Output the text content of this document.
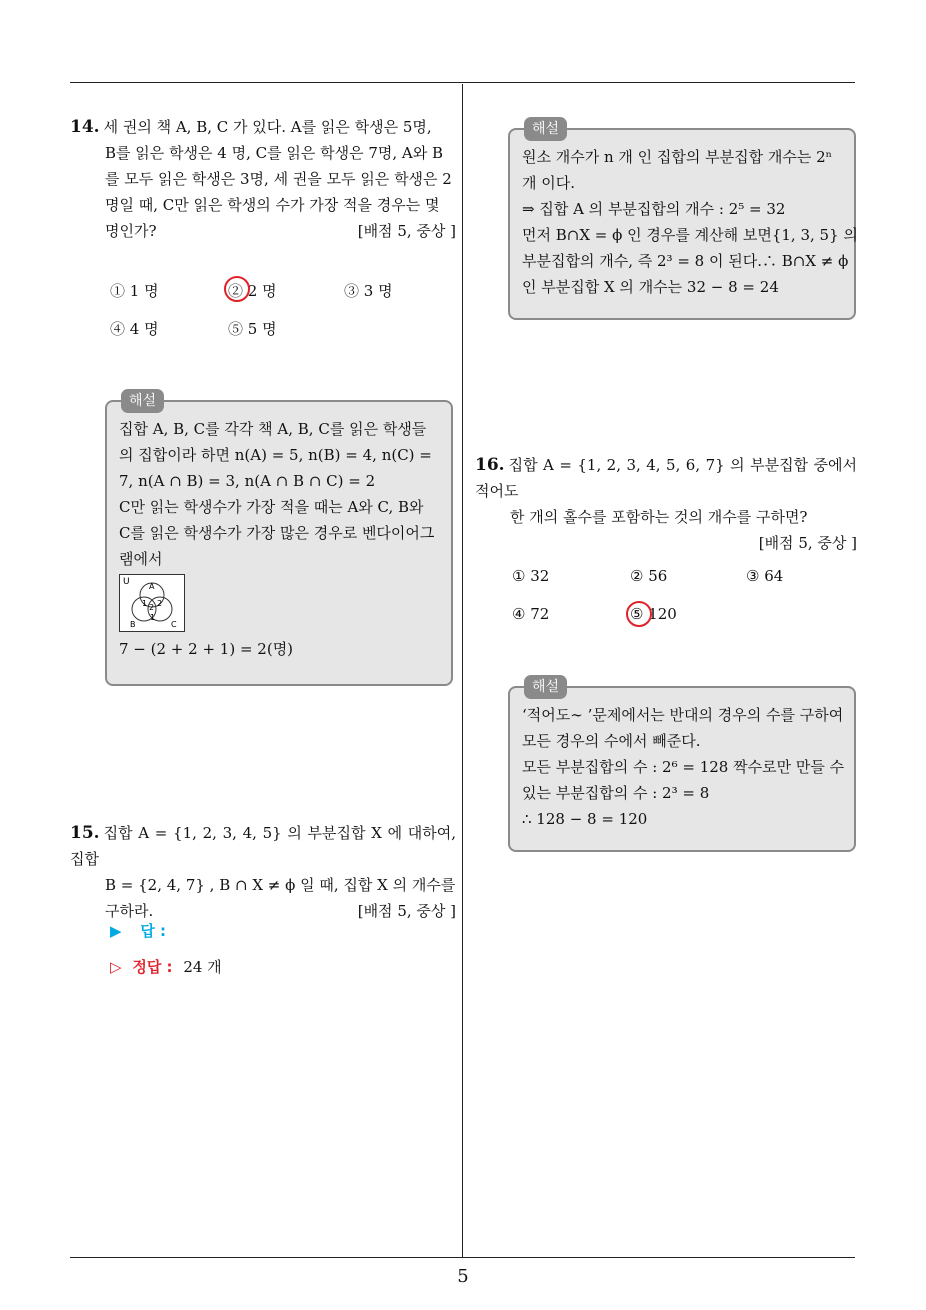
14. 세 권의 책 A, B, C 가 있다. A를 읽은 학생은 5명,
B를 읽은 학생은 4 명, C를 읽은 학생은 7명, A와 B
를 모두 읽은 학생은 3명, 세 권을 모두 읽은 학생은 2
명일 때, C만 읽은 학생의 수가 가장 적을 경우는 몇
명인가?	[배점 5, 중상 ]
① 1 명	② 2 명	③ 3 명
④ 4 명	⑤ 5 명
해설
집합 A, B, C를 각각 책 A, B, C를 읽은 학생들
의 집합이라 하면 n(A) = 5, n(B) = 4, n(C) =
7, n(A ∩ B) = 3, n(A ∩ B ∩ C) = 2
C만 읽는 학생수가 가장 적을 때는 A와 C, B와
C를 읽은 학생수가 가장 많은 경우로 벤다이어그
램에서
U A
B	C
1 2 2
1
7 − (2 + 2 + 1) = 2(명)
15. 집합 A = {1, 2, 3, 4, 5} 의 부분집합 X 에 대하여, 집합
B = {2, 4, 7} , B ∩ X ≠ ϕ 일 때, 집합 X 의 개수를
구하라.	[배점 5, 중상 ]
▶ 답 :
▷ 정답 : 24 개
해설
원소 개수가 n 개 인 집합의 부분집합 개수는 2ⁿ
개 이다.
⇒ 집합 A 의 부분집합의 개수 : 2⁵ = 32
먼저 B∩X = ϕ 인 경우를 계산해 보면{1, 3, 5} 의
부분집합의 개수, 즉 2³ = 8 이 된다.∴ B∩X ≠ ϕ
인 부분집합 X 의 개수는 32 − 8 = 24
16. 집합 A = {1, 2, 3, 4, 5, 6, 7} 의 부분집합 중에서 적어도
한 개의 홀수를 포함하는 것의 개수를 구하면?

[배점 5, 중상 ]
① 32	② 56	③ 64
④ 72	⑤ 120
해설
‘적어도∼ ’문제에서는 반대의 경우의 수를 구하여
모든 경우의 수에서 빼준다.
모든 부분집합의 수 : 2⁶ = 128 짝수로만 만들 수
있는 부분집합의 수 : 2³ = 8
∴ 128 − 8 = 120
5
